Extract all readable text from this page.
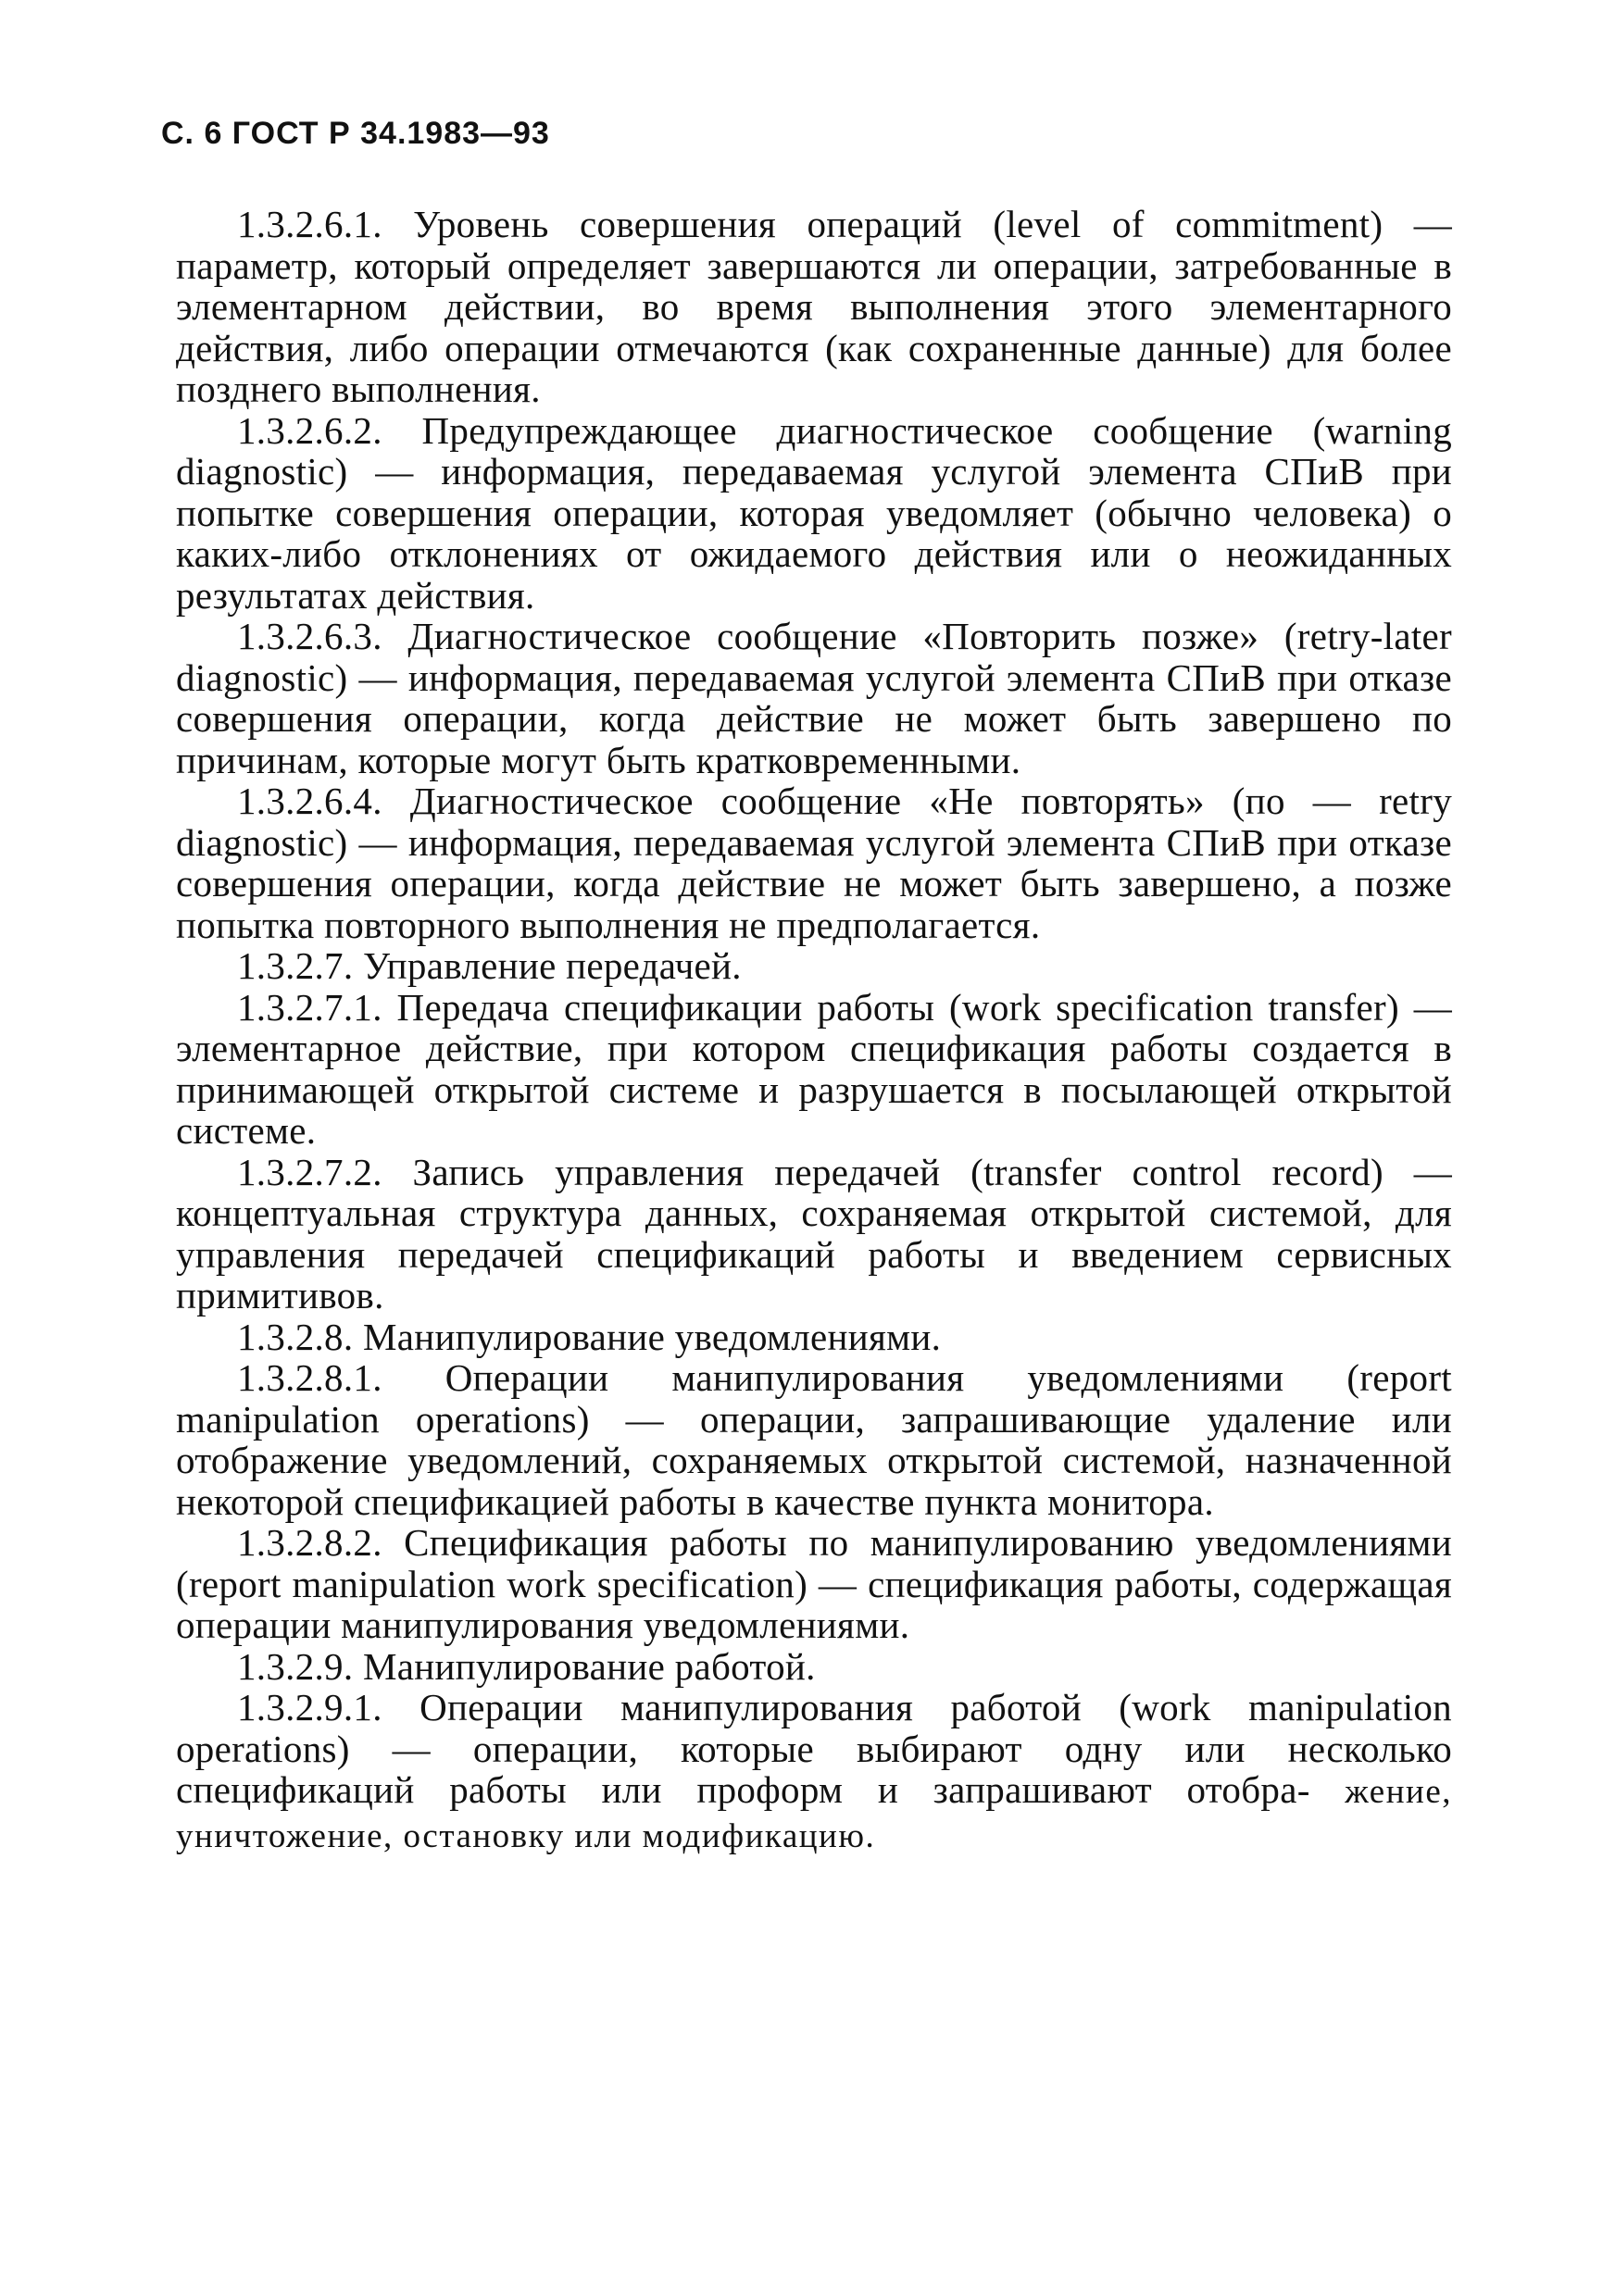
С. 6 ГОСТ Р 34.1983—93

1.3.2.6.1. Уровень совершения операций (level of commitment) — параметр, который определяет завершаются ли операции, затребованные в элементарном действии, во время выполнения этого элементарного действия, либо операции отмечаются (как сохраненные данные) для более позднего выполнения.

1.3.2.6.2. Предупреждающее диагностическое сообщение (warning diagnostic) — информация, передаваемая услугой элемента СПиВ при попытке совершения операции, которая уведомляет (обычно человека) о каких-либо отклонениях от ожидаемого действия или о неожиданных результатах действия.

1.3.2.6.3. Диагностическое сообщение «Повторить позже» (retry-later diagnostic) — информация, передаваемая услугой элемента СПиВ при отказе совершения операции, когда действие не может быть завершено по причинам, которые могут быть кратковременными.

1.3.2.6.4. Диагностическое сообщение «Не повторять» (по — retry diagnostic) — информация, передаваемая услугой элемента СПиВ при отказе совершения операции, когда действие не может быть завершено, а позже попытка повторного выполнения не предполагается.

1.3.2.7. Управление передачей.

1.3.2.7.1. Передача спецификации работы (work specification transfer) — элементарное действие, при котором спецификация работы создается в принимающей открытой системе и разрушается в посылающей открытой системе.

1.3.2.7.2. Запись управления передачей (transfer control record) — концептуальная структура данных, сохраняемая открытой системой, для управления передачей спецификаций работы и введением сервисных примитивов.

1.3.2.8. Манипулирование уведомлениями.

1.3.2.8.1. Операции манипулирования уведомлениями (report manipulation operations) — операции, запрашивающие удаление или отображение уведомлений, сохраняемых открытой системой, назначенной некоторой спецификацией работы в качестве пункта монитора.

1.3.2.8.2. Спецификация работы по манипулированию уведомлениями (report manipulation work specification) — спецификация работы, содержащая операции манипулирования уведомлениями.

1.3.2.9. Манипулирование работой.

1.3.2.9.1. Операции манипулирования работой (work manipulation operations) — операции, которые выбирают одну или несколько спецификаций работы или проформ и запрашивают отобра- жение, уничтожение, остановку или модификацию.
